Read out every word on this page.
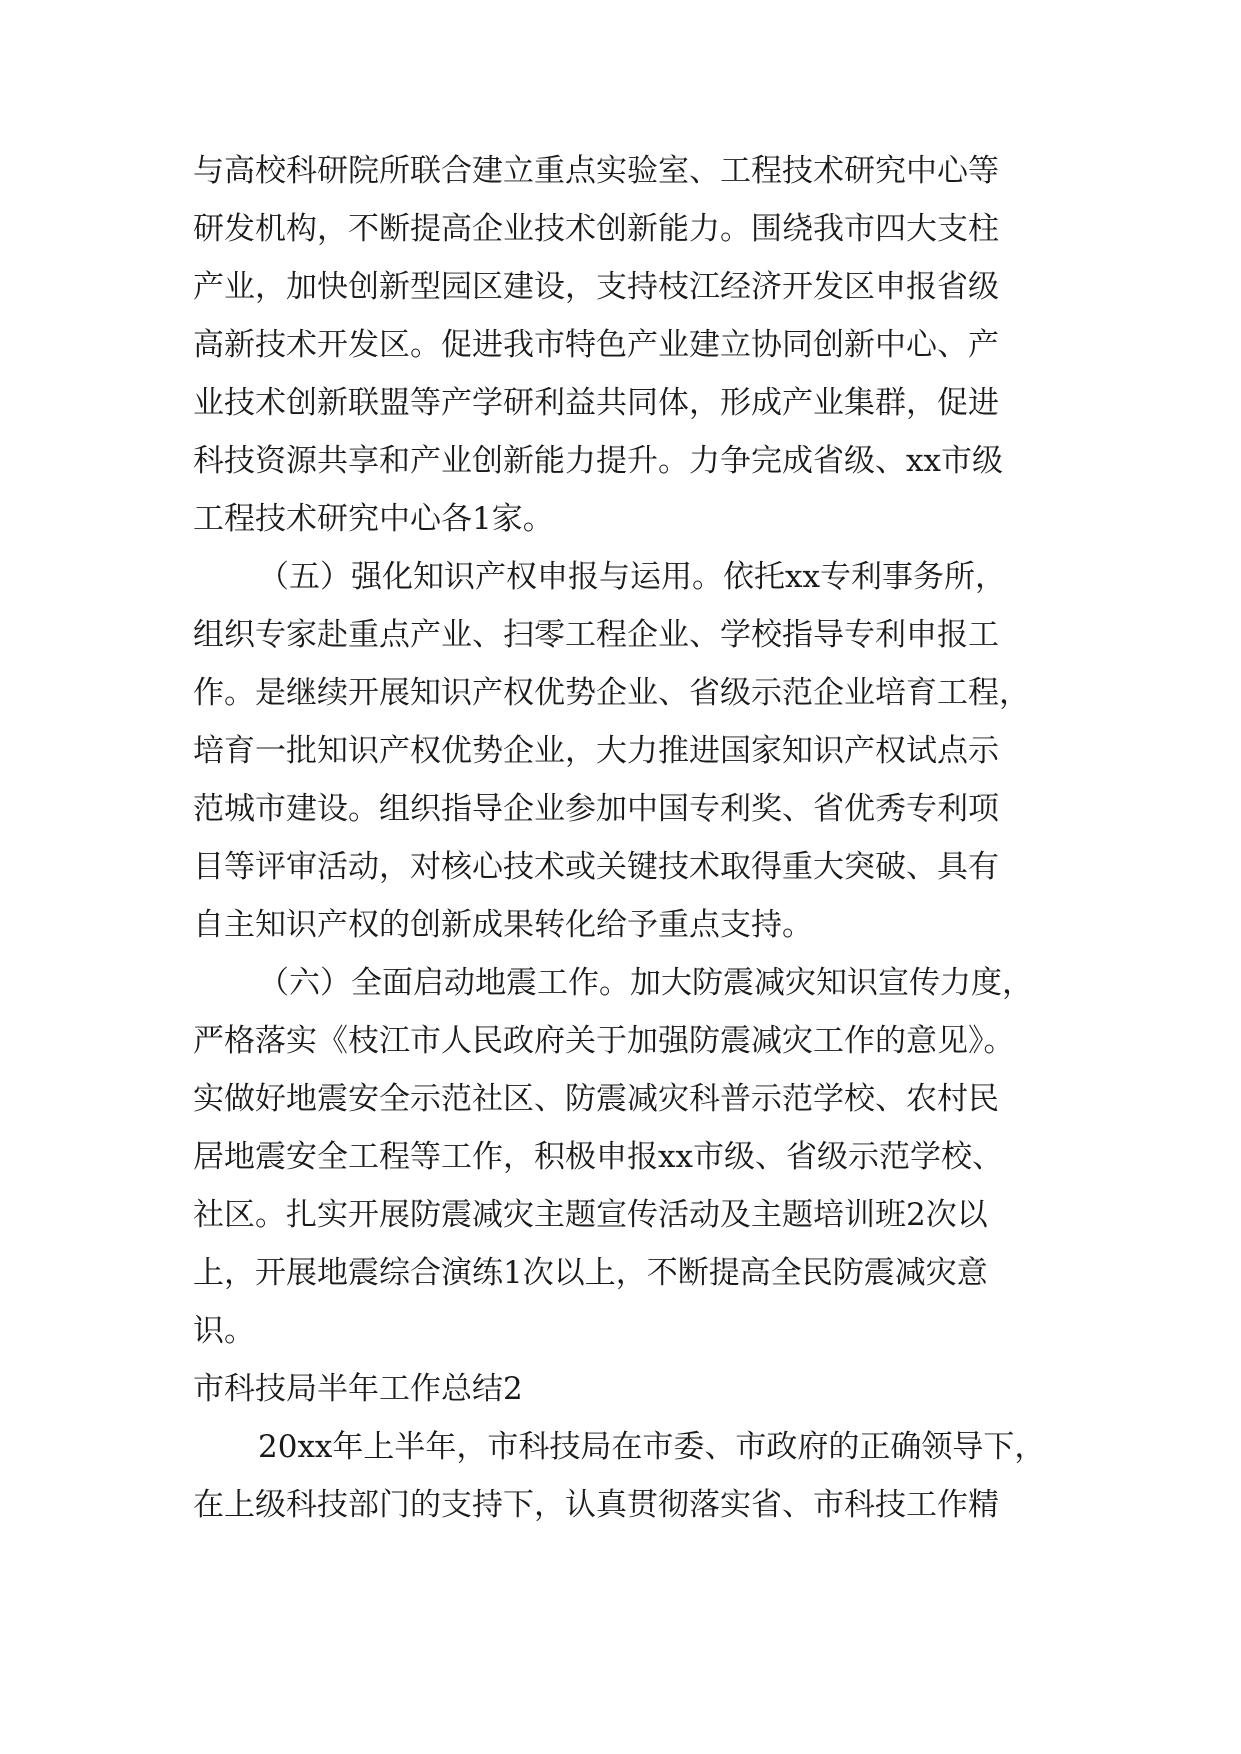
与高校科研院所联合建立重点实验室、工程技术研究中心等
研发机构，不断提高企业技术创新能力。围绕我市四大支柱
产业，加快创新型园区建设，支持枝江经济开发区申报省级
高新技术开发区。促进我市特色产业建立协同创新中心、产
业技术创新联盟等产学研利益共同体，形成产业集群，促进
科技资源共享和产业创新能力提升。力争完成省级、xx市级
工程技术研究中心各1家。
（五）强化知识产权申报与运用。依托xx专利事务所，
组织专家赴重点产业、扫零工程企业、学校指导专利申报工
作。是继续开展知识产权优势企业、省级示范企业培育工程，
培育一批知识产权优势企业，大力推进国家知识产权试点示
范城市建设。组织指导企业参加中国专利奖、省优秀专利项
目等评审活动，对核心技术或关键技术取得重大突破、具有
自主知识产权的创新成果转化给予重点支持。
（六）全面启动地震工作。加大防震减灾知识宣传力度，
严格落实《枝江市人民政府关于加强防震减灾工作的意见》。
实做好地震安全示范社区、防震减灾科普示范学校、农村民
居地震安全工程等工作，积极申报xx市级、省级示范学校、
社区。扎实开展防震减灾主题宣传活动及主题培训班2次以
上，开展地震综合演练1次以上，不断提高全民防震减灾意
识。
市科技局半年工作总结2
20xx年上半年，市科技局在市委、市政府的正确领导下，
在上级科技部门的支持下，认真贯彻落实省、市科技工作精
